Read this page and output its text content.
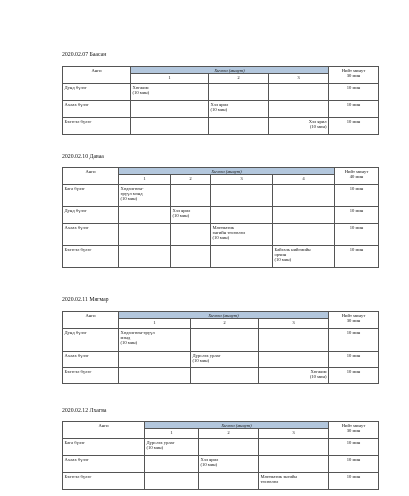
2020.02.07 Баасан
Анги	Хичээл (минут)			Нийт минут
30 мин

	1	2	3	
Дунд бүлэг	Хөгжим
(10 мин)			10 мин
Ахлах бүлэг		Хэл ярил
(10 мин)		10 мин
Бэлтгэл бүлэг			Хэл ярил
(10 мин)	10 мин
2020.02.10 Даваа
Анги	Хичээл (минут)				Нийт минут
40 мин

	1	2	3	4	
Бага бүлэг	Хөдөлгөөн-
эрүүл мэнд
(10 мин)				10 мин
Дунд бүлэг		Хэл ярил
(10 мин)			10 мин
Ахлах бүлэг			Математик
энгийн төсөөлөл
(10 мин)		10 мин
Бэлтгэл бүлэг				Байгаль нийгмийн
орчин
(10 мин)	10 мин
2020.02.11 Мягмар
Анги	Хичээл (минут)			Нийт минут
30 мин

	1	2	3	
Дунд бүлэг	Хөдөлгөөн-эрүүл
мэнд
(10 мин)			10 мин
Ахлах бүлэг		Дүрслэх урлаг
(10 мин)		10 мин
Бэлтгэл бүлэг			Хөгжим
(10 мин)	10 мин
2020.02.12 Лхагва
Анги	Хичээл (минут)			Нийт минут
30 мин

	1	2	3	
Бага бүлэг	Дүрслэх урлаг
(10 мин)			10 мин
Ахлах бүлэг		Хэл ярил
(10 мин)		10 мин
Бэлтгэл бүлэг			Математик энгийн
төсөөлөл	10 мин
